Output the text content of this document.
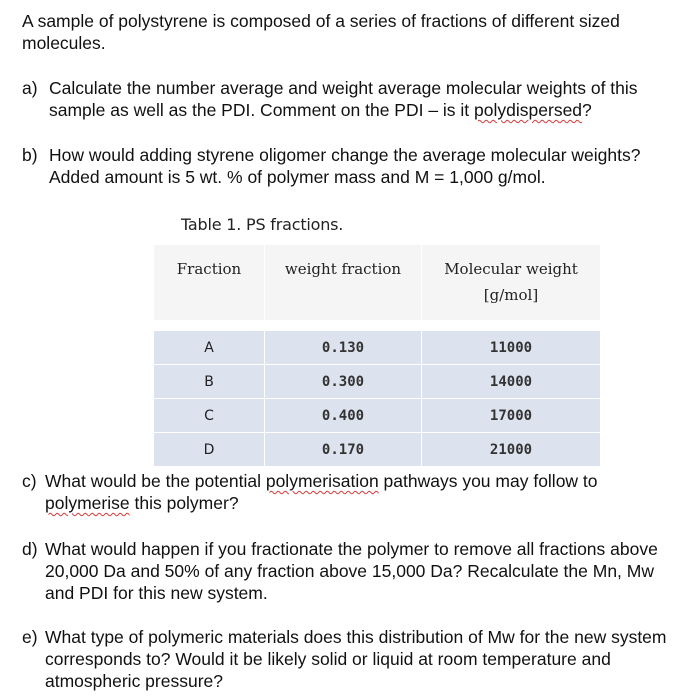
A sample of polystyrene is composed of a series of fractions of different sized molecules.
a) Calculate the number average and weight average molecular weights of this sample as well as the PDI. Comment on the PDI – is it polydispersed?
b) How would adding styrene oligomer change the average molecular weights? Added amount is 5 wt. % of polymer mass and M = 1,000 g/mol.
Table 1. PS fractions.
Fraction	weight fraction	Molecular weight
[g/mol]

A	0.130	11000
B	0.300	14000
C	0.400	17000
D	0.170	21000
c) What would be the potential polymerisation pathways you may follow to polymerise this polymer?
d) What would happen if you fractionate the polymer to remove all fractions above 20,000 Da and 50% of any fraction above 15,000 Da? Recalculate the Mn, Mw and PDI for this new system.
e) What type of polymeric materials does this distribution of Mw for the new system corresponds to? Would it be likely solid or liquid at room temperature and atmospheric pressure?
